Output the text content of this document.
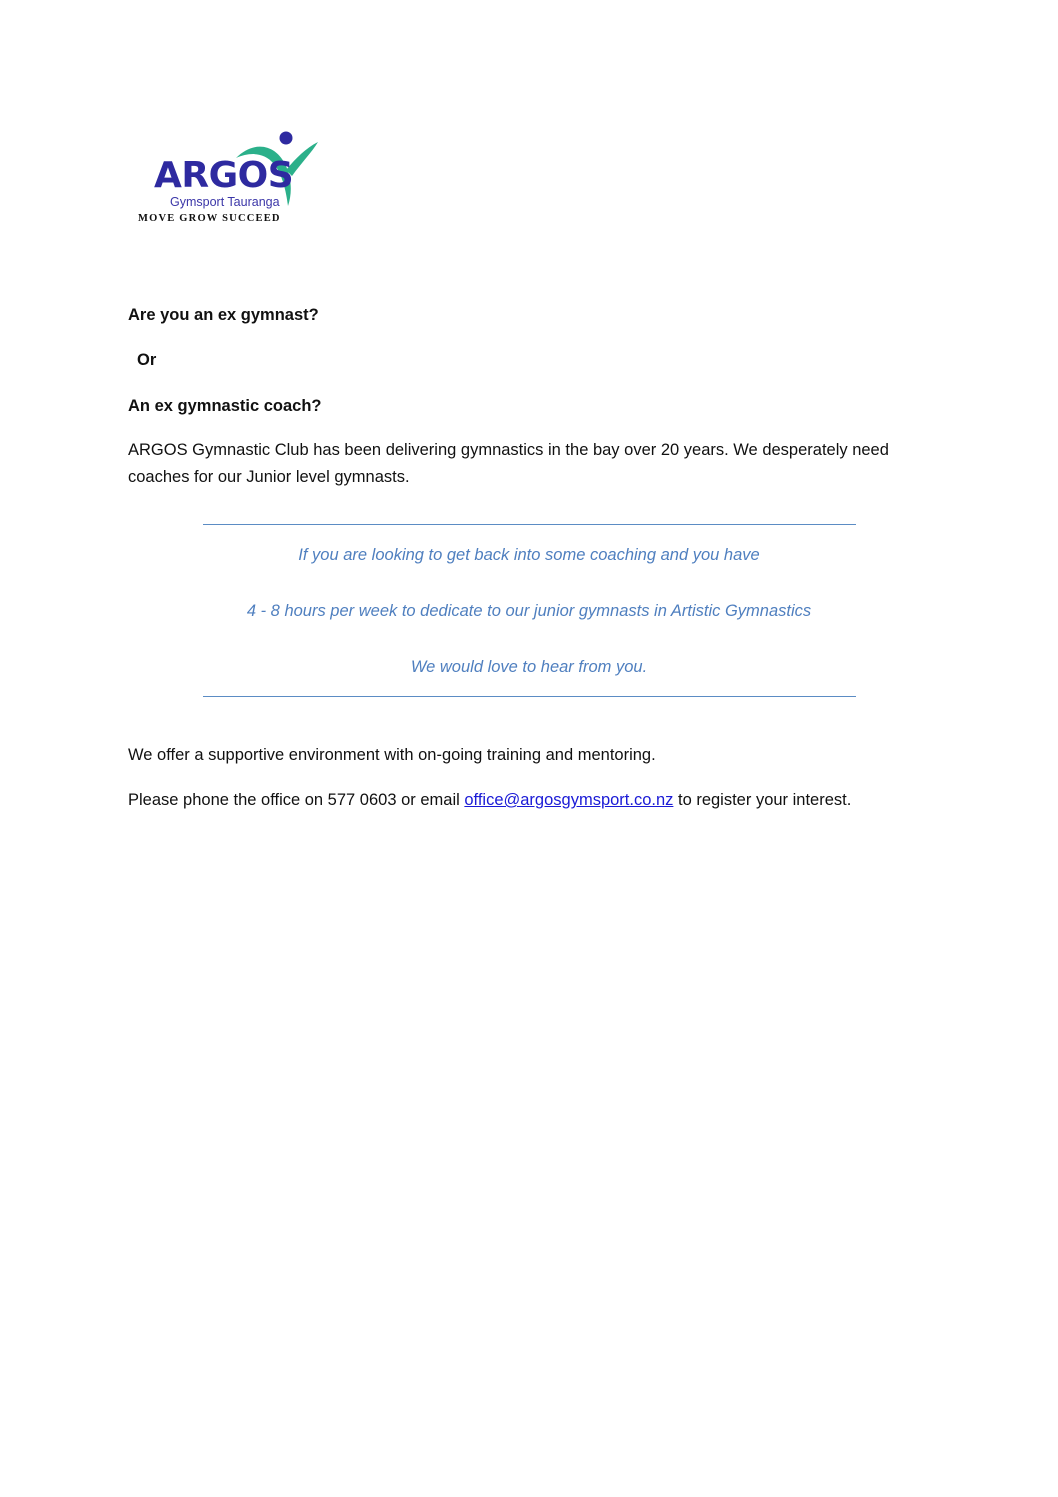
ARGOS
Gymsport Tauranga
MOVE GROW SUCCEED
Are you an ex gymnast?
Or
An ex gymnastic coach?
ARGOS Gymnastic Club has been delivering gymnastics in the bay over 20 years. We desperately need coaches for our Junior level gymnasts.
If you are looking to get back into some coaching and you have
4 - 8 hours per week to dedicate to our junior gymnasts in Artistic Gymnastics
We would love to hear from you.
We offer a supportive environment with on-going training and mentoring.
Please phone the office on 577 0603 or email office@argosgymsport.co.nz to register your interest.
